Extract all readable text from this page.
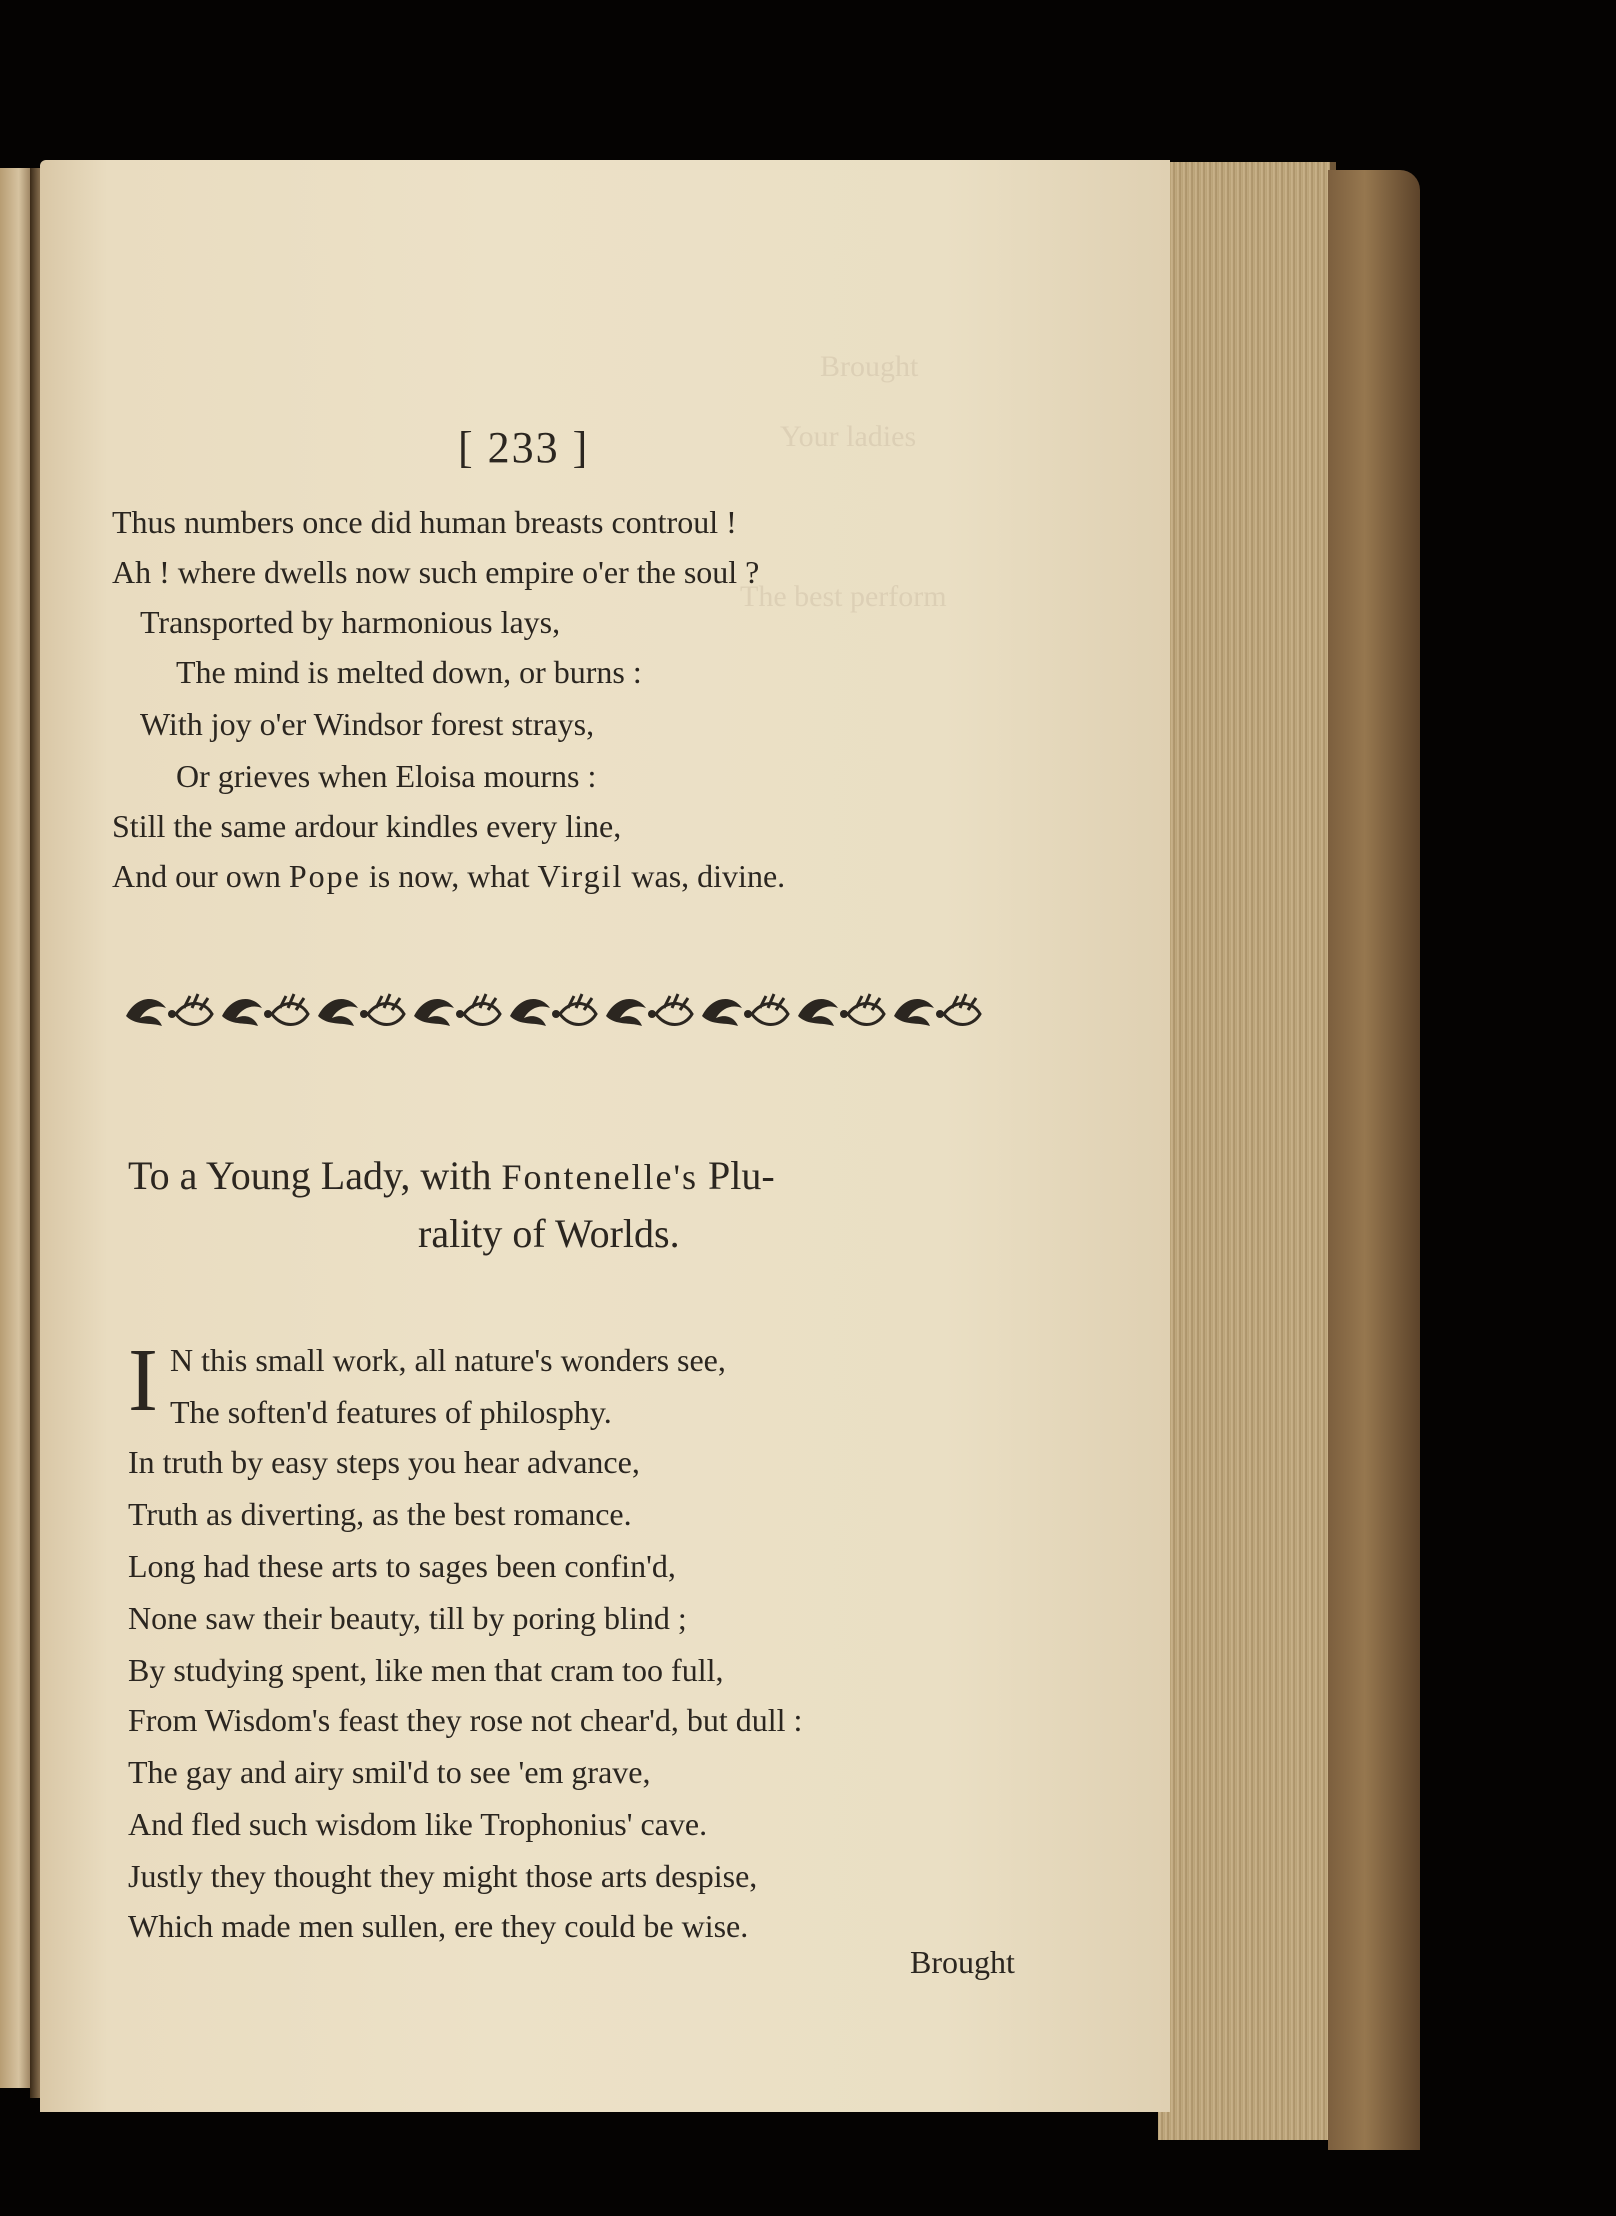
Brought
Your ladies
The best perform
[ 233 ]
Thus numbers once did human breasts controul !
Ah ! where dwells now such empire o'er the soul ?
Transported by harmonious lays,
The mind is melted down, or burns :
With joy o'er Windsor forest strays,
Or grieves when Eloisa mourns :
Still the same ardour kindles every line,
And our own Pope is now, what Virgil was, divine.
To a Young Lady, with Fontenelle's Plu-
rality of Worlds.
I N this small work, all nature's wonders see,
The soften'd features of philosphy.
In truth by easy steps you hear advance,
Truth as diverting, as the best romance.
Long had these arts to sages been confin'd,
None saw their beauty, till by poring blind ;
By studying spent, like men that cram too full,
From Wisdom's feast they rose not chear'd, but dull :
The gay and airy smil'd to see 'em grave,
And fled such wisdom like Trophonius' cave.
Justly they thought they might those arts despise,
Which made men sullen, ere they could be wise.
Brought
